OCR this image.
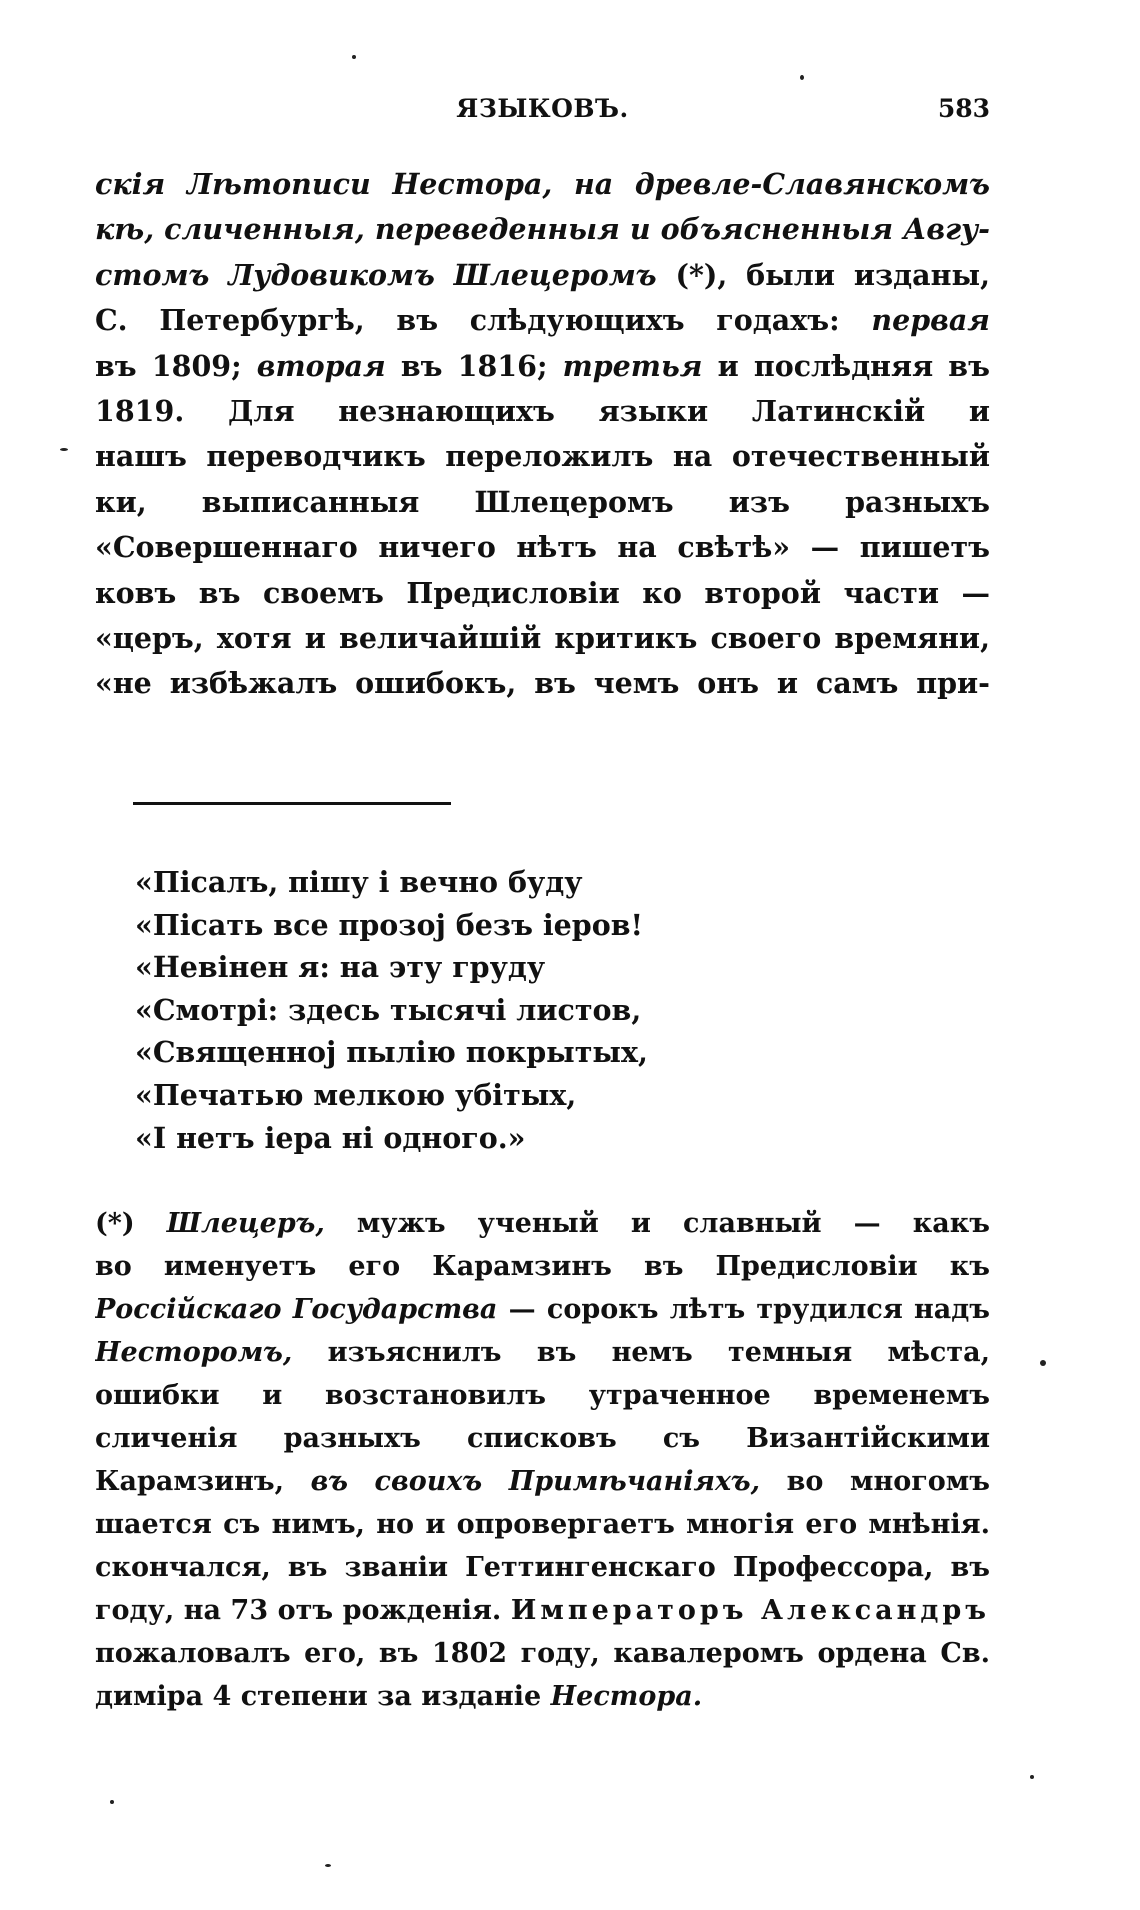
ЯЗЫКОВЪ.	583
скія Лѣтописи Нестора, на древле-Славянскомъ
кѣ, сличенныя, переведенныя и объясненныя Авгу-
стомъ Лудовикомъ Шлецеромъ (*), были изданы,
С. Петербургѣ, въ слѣдующихъ годахъ: первая
въ 1809; вторая въ 1816; третья и послѣдняя въ
1819. Для незнающихъ языки Латинскій и
нашъ переводчикъ переложилъ на отечественный
ки, выписанныя Шлецеромъ изъ разныхъ
«Совершеннаго ничего нѣтъ на свѣтѣ» — пишетъ
ковъ въ своемъ Предисловіи ко второй части —
«церъ, хотя и величайшій критикъ своего времяни,
«не избѣжалъ ошибокъ, въ чемъ онъ и самъ при-
«Пісалъ, пішу і вечно буду
«Пісать все прозој безъ іеров!
«Невінен я: на эту груду
«Смотрі: здесь тысячі листов,
«Священноj пылію покрытых,
«Печатью мелкою убітых,
«І нетъ іера ні одного.»
(*) Шлецеръ, мужъ ученый и славный — какъ
во именуетъ его Карамзинъ въ Предисловіи къ
Россійскаго Государства — сорокъ лѣтъ трудился надъ
Несторомъ, изъяснилъ въ немъ темныя мѣста,
ошибки и возстановилъ утраченное временемъ
сличенія разныхъ списковъ съ Византійскими
Карамзинъ, въ своихъ Примѣчаніяхъ, во многомъ
шается съ нимъ, но и опровергаетъ многія его мнѣнія.
скончался, въ званіи Геттингенскаго Профессора, въ
году, на 73 отъ рожденія. Императоръ Александръ
пожаловалъ его, въ 1802 году, кавалеромъ ордена Св.
диміра 4 степени за изданіе Нестора.
